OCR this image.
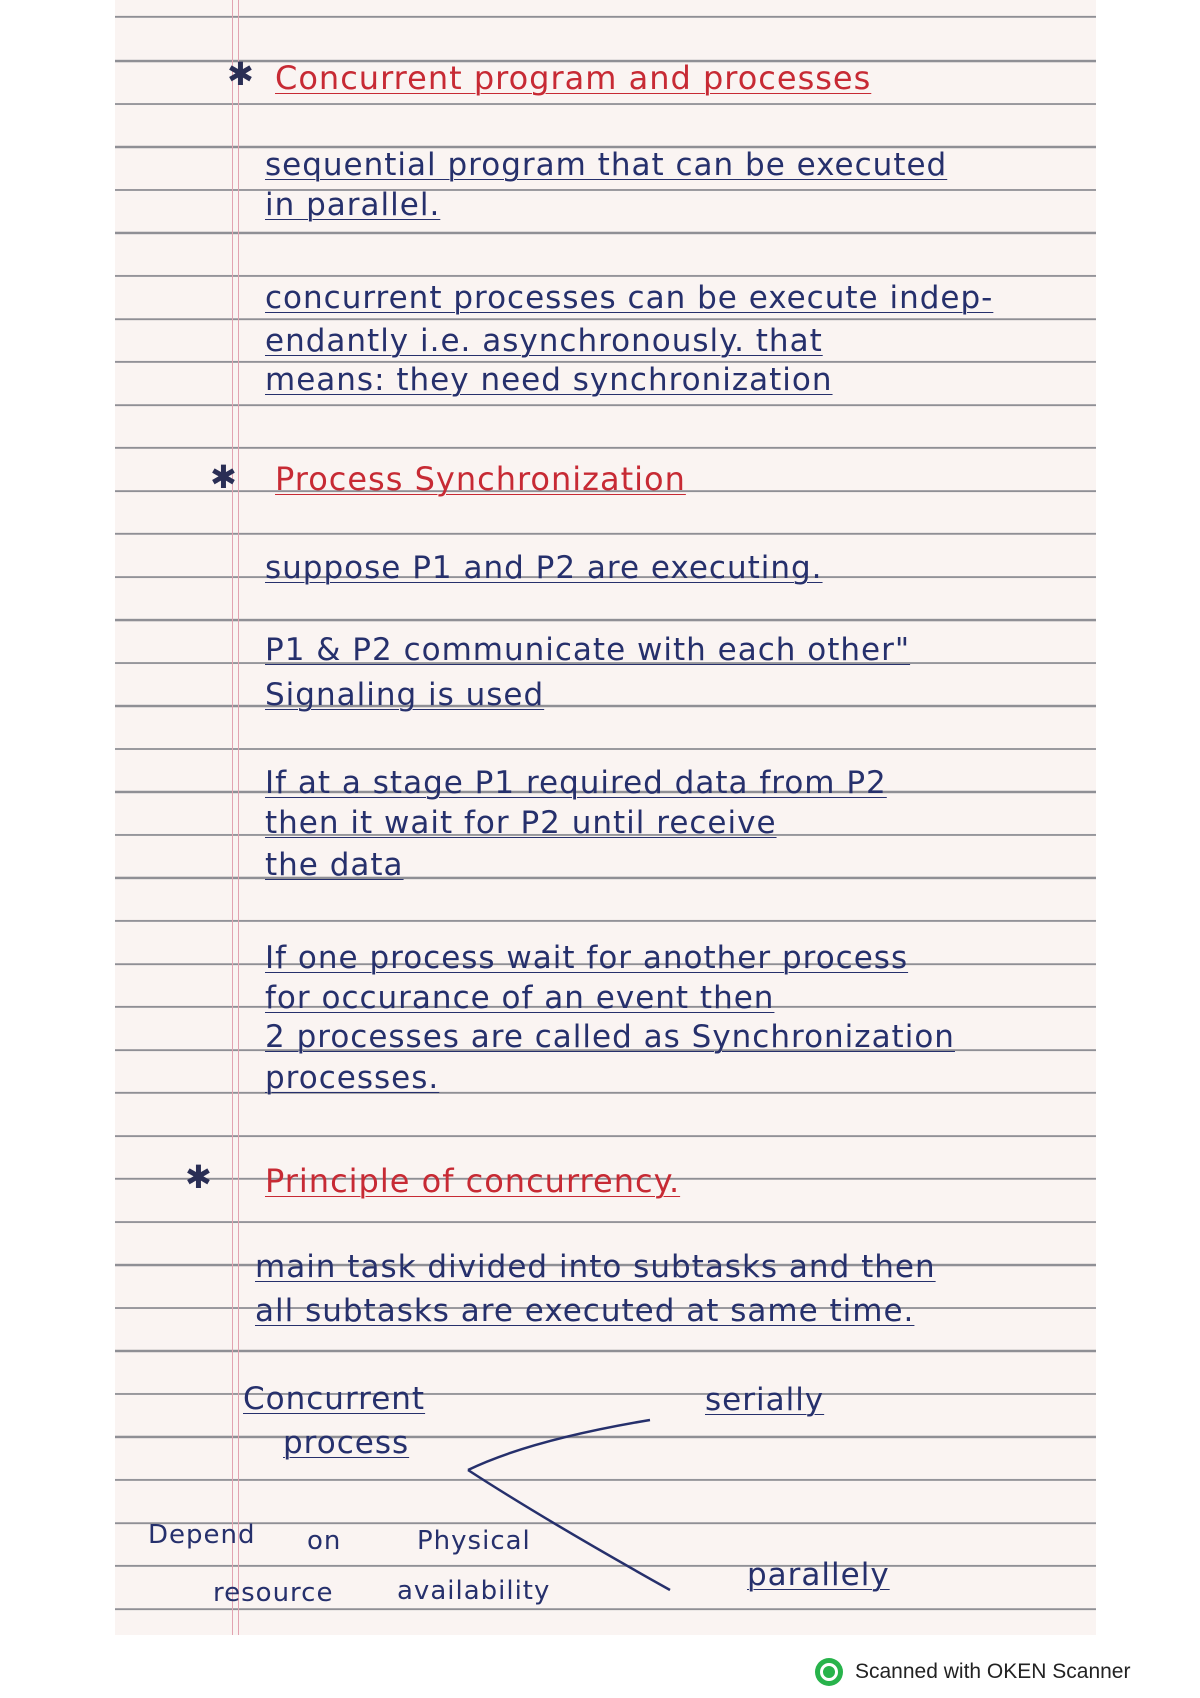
✱ Concurrent program and processes

sequential program that can be executed

in parallel.

concurrent processes can be execute indep-

endantly i.e. asynchronously. that

means: they need synchronization

✱ Process Synchronization

suppose P1 and P2 are executing.

P1 & P2 communicate with each other"

Signaling is used

If at a stage P1 required data from P2

then it wait for P2 until receive

the data

If one process wait for another process

for occurance of an event then

2 processes are called as Synchronization

processes.

✱ Principle of concurrency.

main task divided into subtasks and then

all subtasks are executed at same time.

Concurrent

process

serially

parallely

Depend on	Physical

resource availability

Scanned with OKEN Scanner
